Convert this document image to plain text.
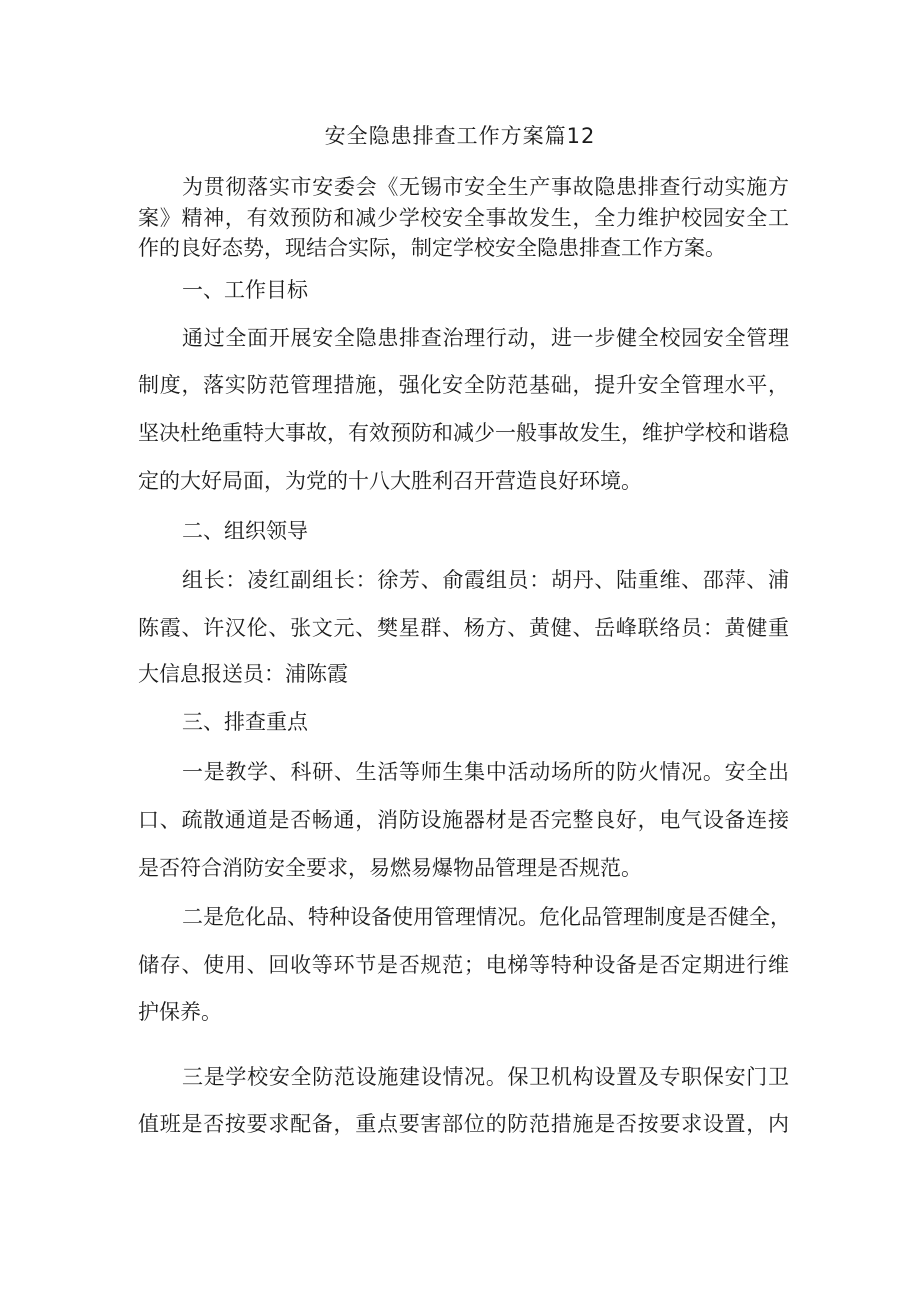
安全隐患排查工作方案篇12
为贯彻落实市安委会《无锡市安全生产事故隐患排查行动实施方
案》精神，有效预防和减少学校安全事故发生，全力维护校园安全工
作的良好态势，现结合实际，制定学校安全隐患排查工作方案。
一、工作目标
通过全面开展安全隐患排查治理行动，进一步健全校园安全管理
制度，落实防范管理措施，强化安全防范基础，提升安全管理水平，
坚决杜绝重特大事故，有效预防和减少一般事故发生，维护学校和谐稳
定的大好局面，为党的十八大胜利召开营造良好环境。
二、组织领导
组长：凌红副组长：徐芳、俞霞组员：胡丹、陆重维、邵萍、浦
陈霞、许汉伦、张文元、樊星群、杨方、黄健、岳峰联络员：黄健重
大信息报送员：浦陈霞
三、排查重点
一是教学、科研、生活等师生集中活动场所的防火情况。安全出
口、疏散通道是否畅通，消防设施器材是否完整良好，电气设备连接
是否符合消防安全要求，易燃易爆物品管理是否规范。
二是危化品、特种设备使用管理情况。危化品管理制度是否健全，
储存、使用、回收等环节是否规范；电梯等特种设备是否定期进行维
护保养。
三是学校安全防范设施建设情况。保卫机构设置及专职保安门卫
值班是否按要求配备，重点要害部位的防范措施是否按要求设置，内
